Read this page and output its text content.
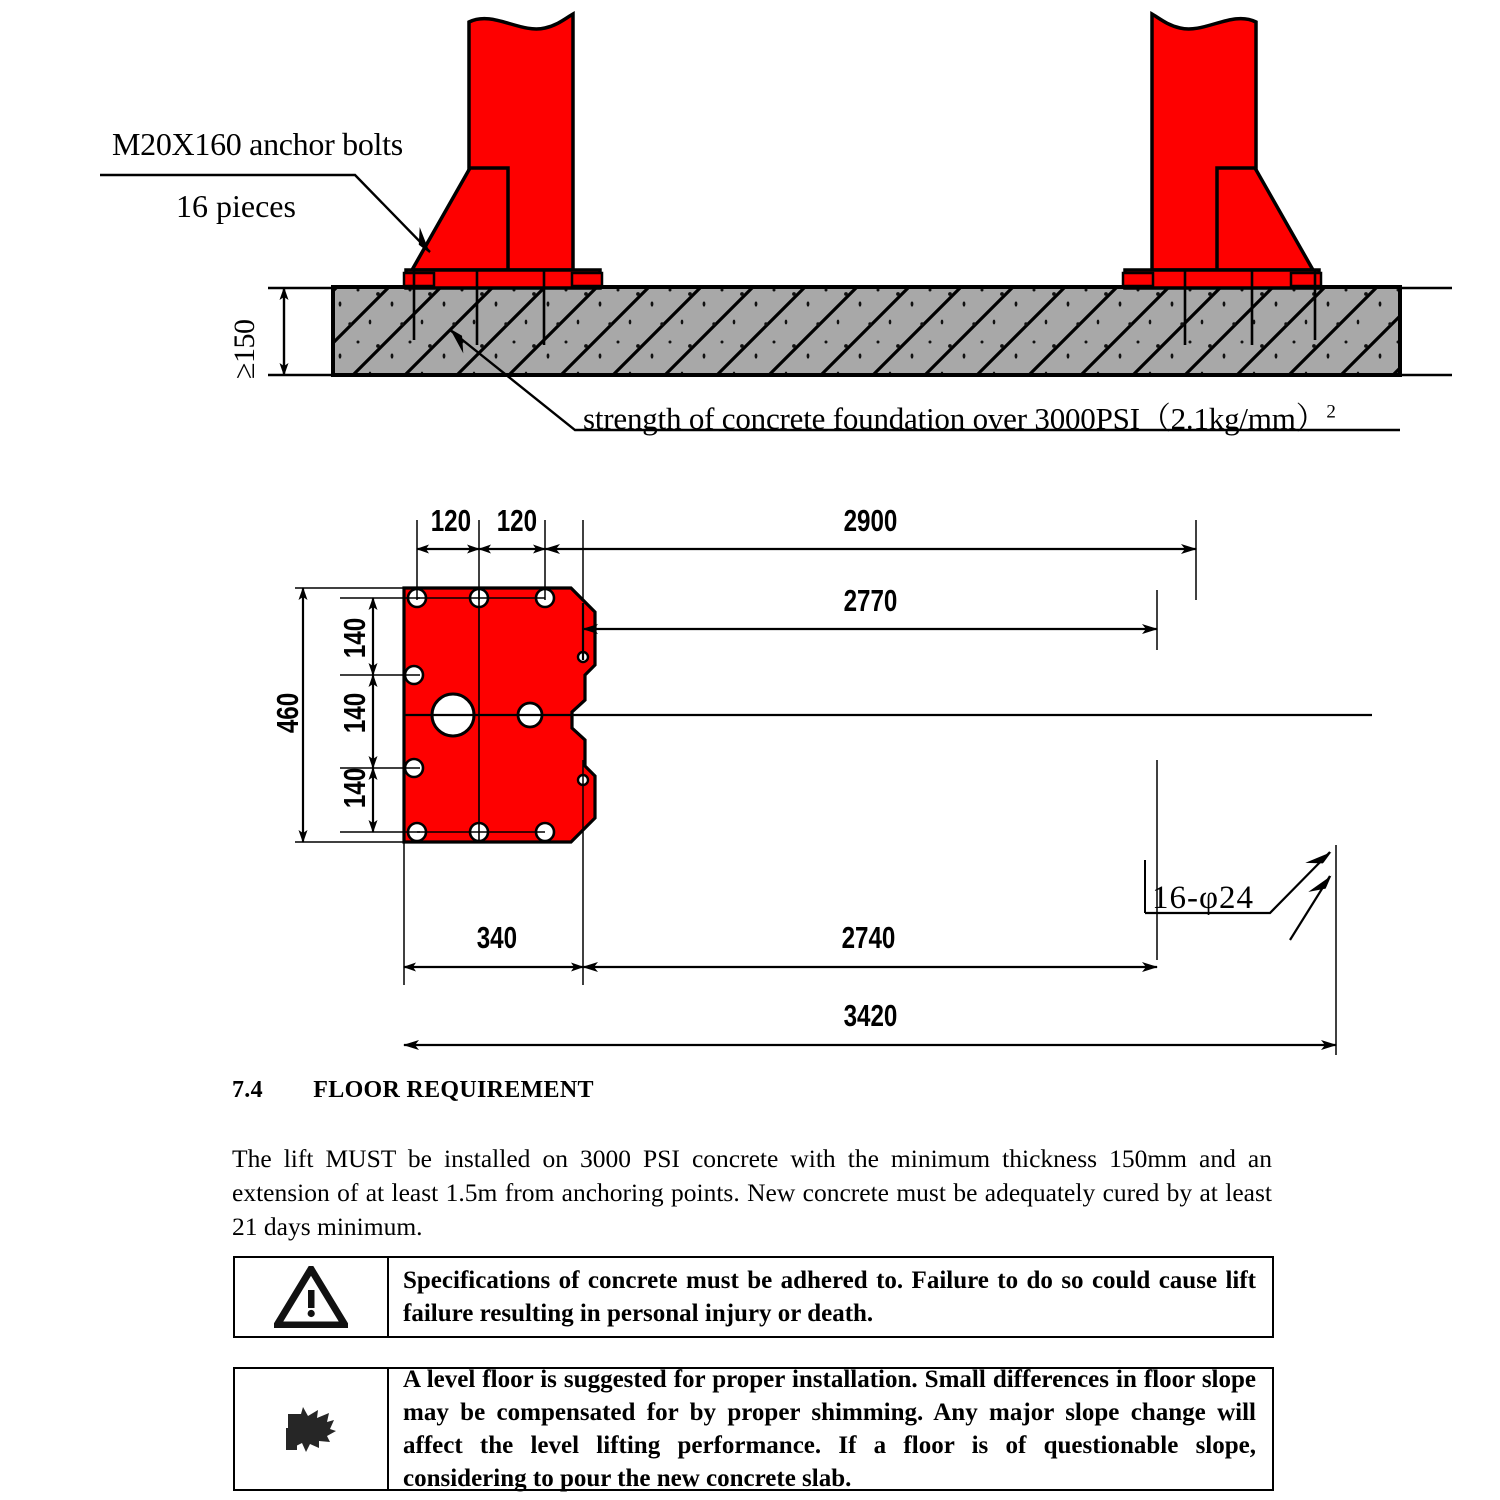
M20X160 anchor bolts
16 pieces
≥150
strength of concrete foundation over $3000PSI(2.1kg/mm)^2$
120 120	2900
2770
460
140
140
140
340	2740
3420
16-φ24
7.4        FLOOR REQUIREMENT

The lift MUST be installed on 3000 PSI concrete with the minimum thickness 150mm and an extension of at least 1.5m from anchoring points. New concrete must be adequately cured by at least 21 days minimum.

Specifications of concrete must be adhered to. Failure to do so could cause lift failure resulting in personal injury or death.

A level floor is suggested for proper installation. Small differences in floor slope may be compensated for by proper shimming. Any major slope change will affect the level lifting performance. If a floor is of questionable slope, considering to pour the new concrete slab.
